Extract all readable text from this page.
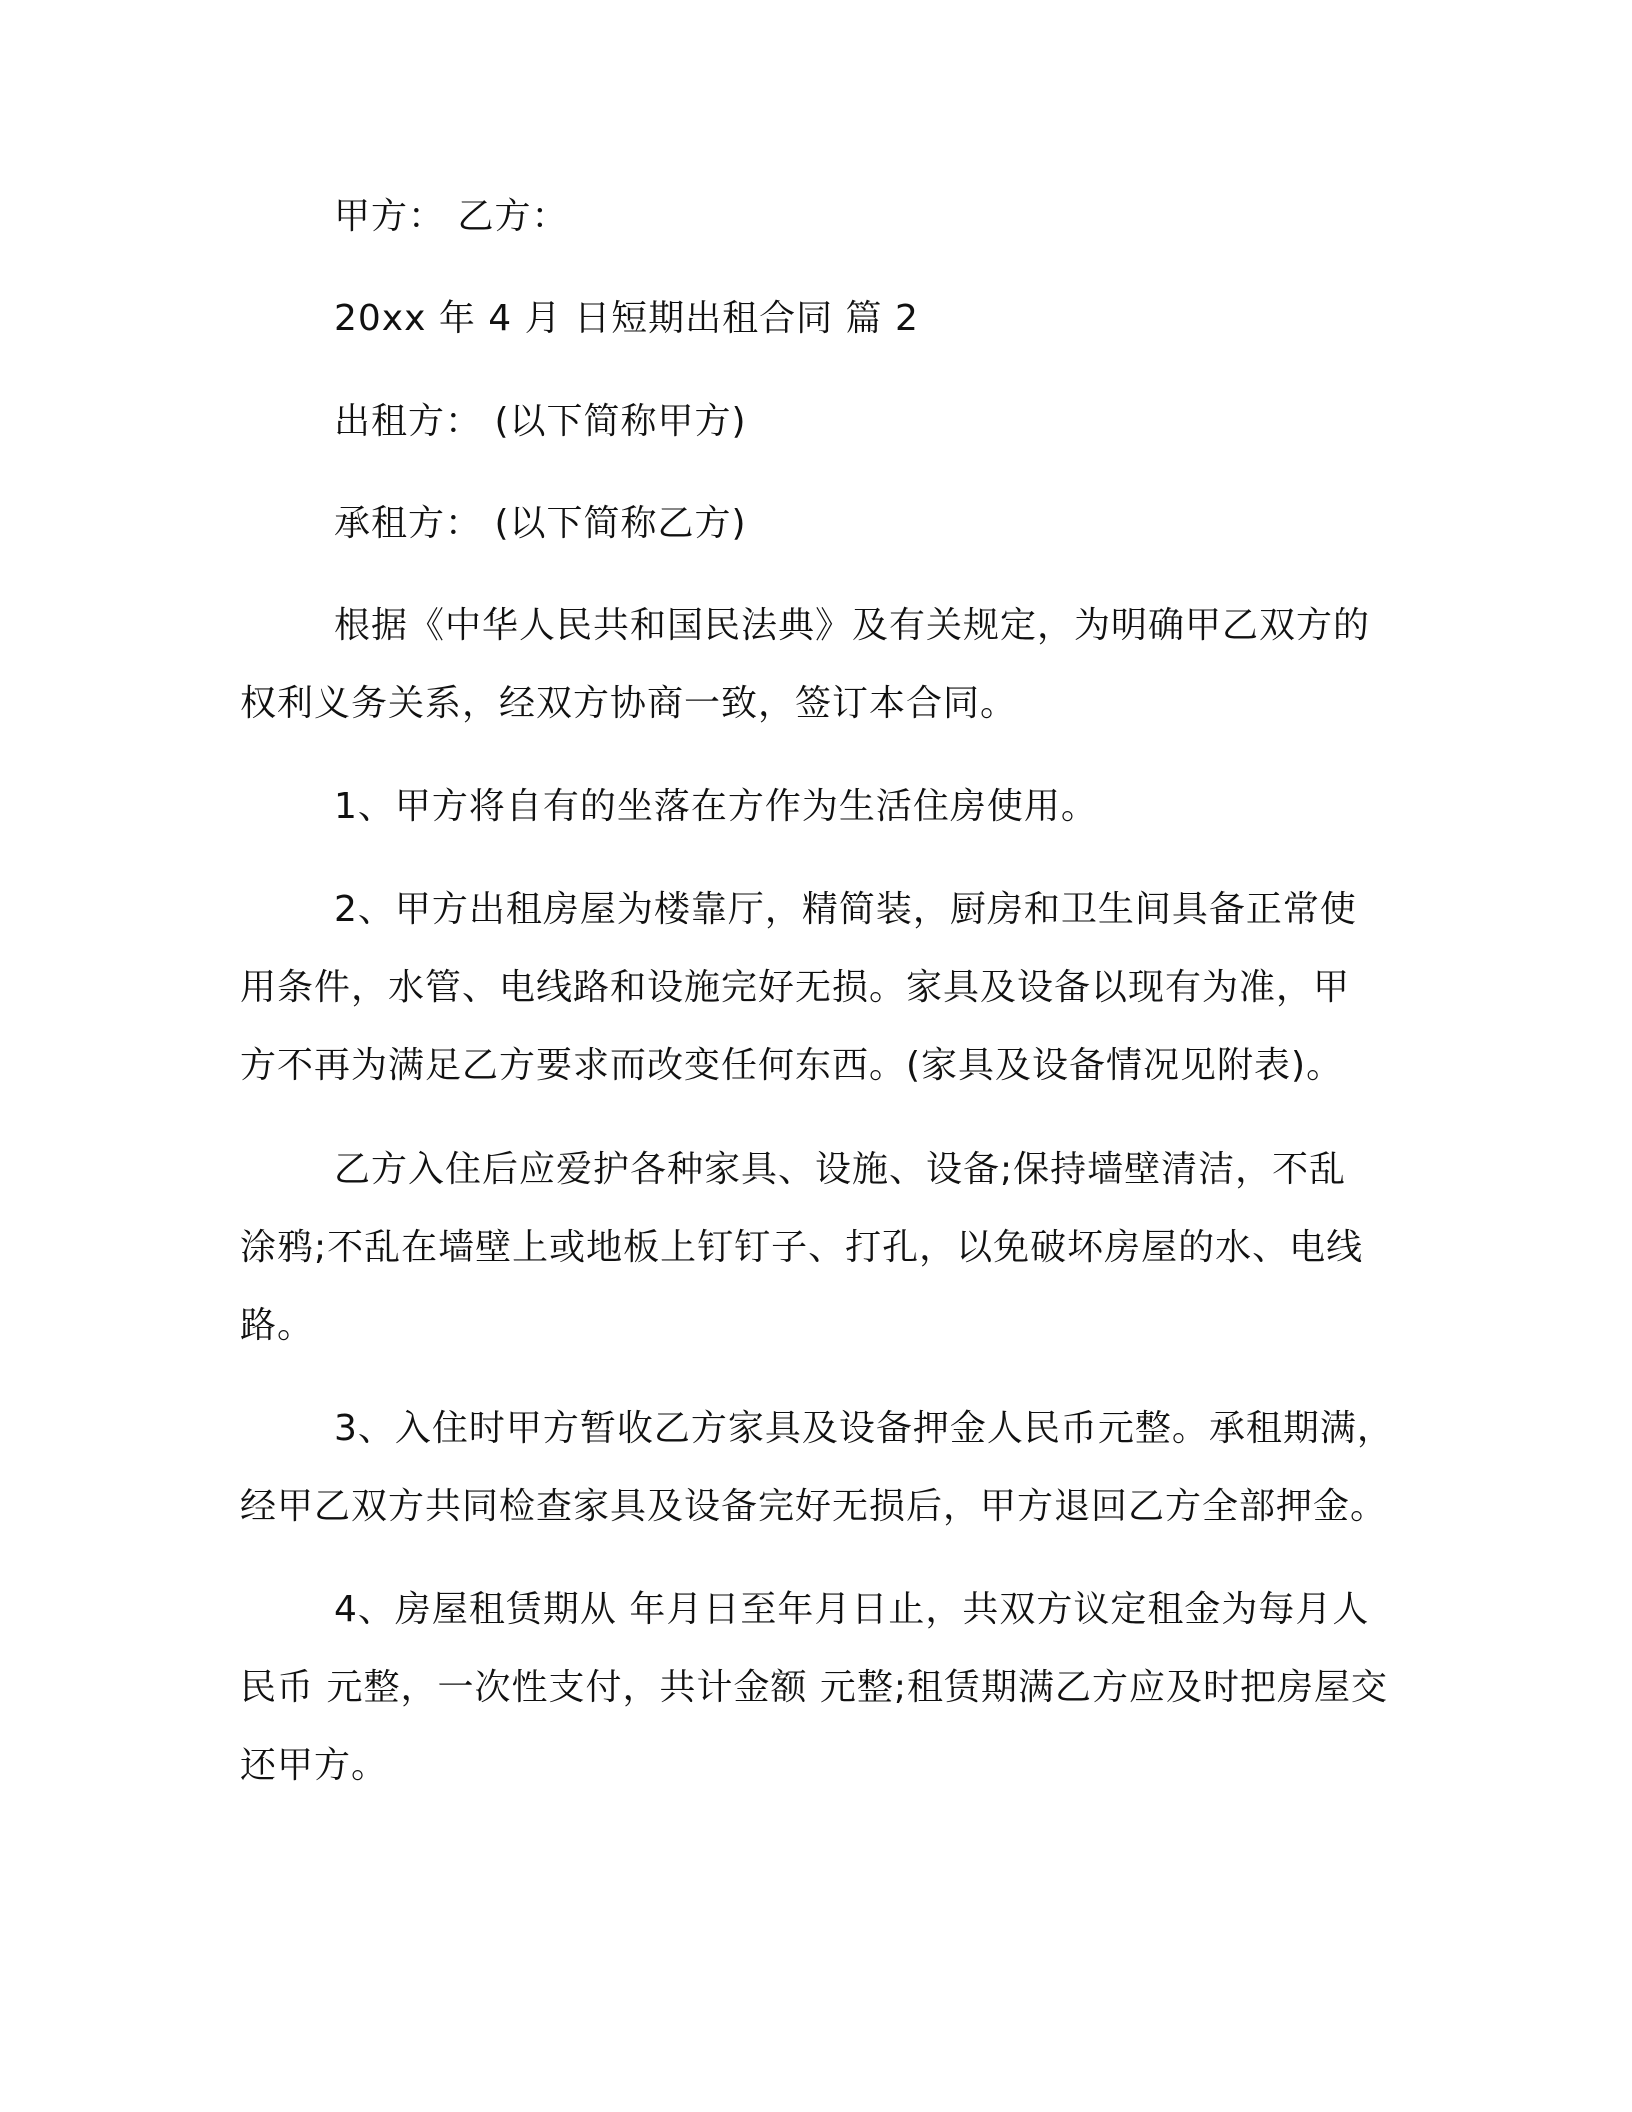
甲方： 乙方：
20xx 年 4 月 日短期出租合同 篇 2
出租方： (以下简称甲方)
承租方： (以下简称乙方)
根据《中华人民共和国民法典》及有关规定，为明确甲乙双方的
权利义务关系，经双方协商一致，签订本合同。
1、甲方将自有的坐落在方作为生活住房使用。
2、甲方出租房屋为楼靠厅，精简装，厨房和卫生间具备正常使
用条件，水管、电线路和设施完好无损。家具及设备以现有为准，甲
方不再为满足乙方要求而改变任何东西。(家具及设备情况见附表)。
乙方入住后应爱护各种家具、设施、设备;保持墙壁清洁，不乱
涂鸦;不乱在墙壁上或地板上钉钉子、打孔，以免破坏房屋的水、电线
路。
3、入住时甲方暂收乙方家具及设备押金人民币元整。承租期满，
经甲乙双方共同检查家具及设备完好无损后，甲方退回乙方全部押金。
4、房屋租赁期从 年月日至年月日止，共双方议定租金为每月人
民币 元整，一次性支付，共计金额 元整;租赁期满乙方应及时把房屋交
还甲方。
